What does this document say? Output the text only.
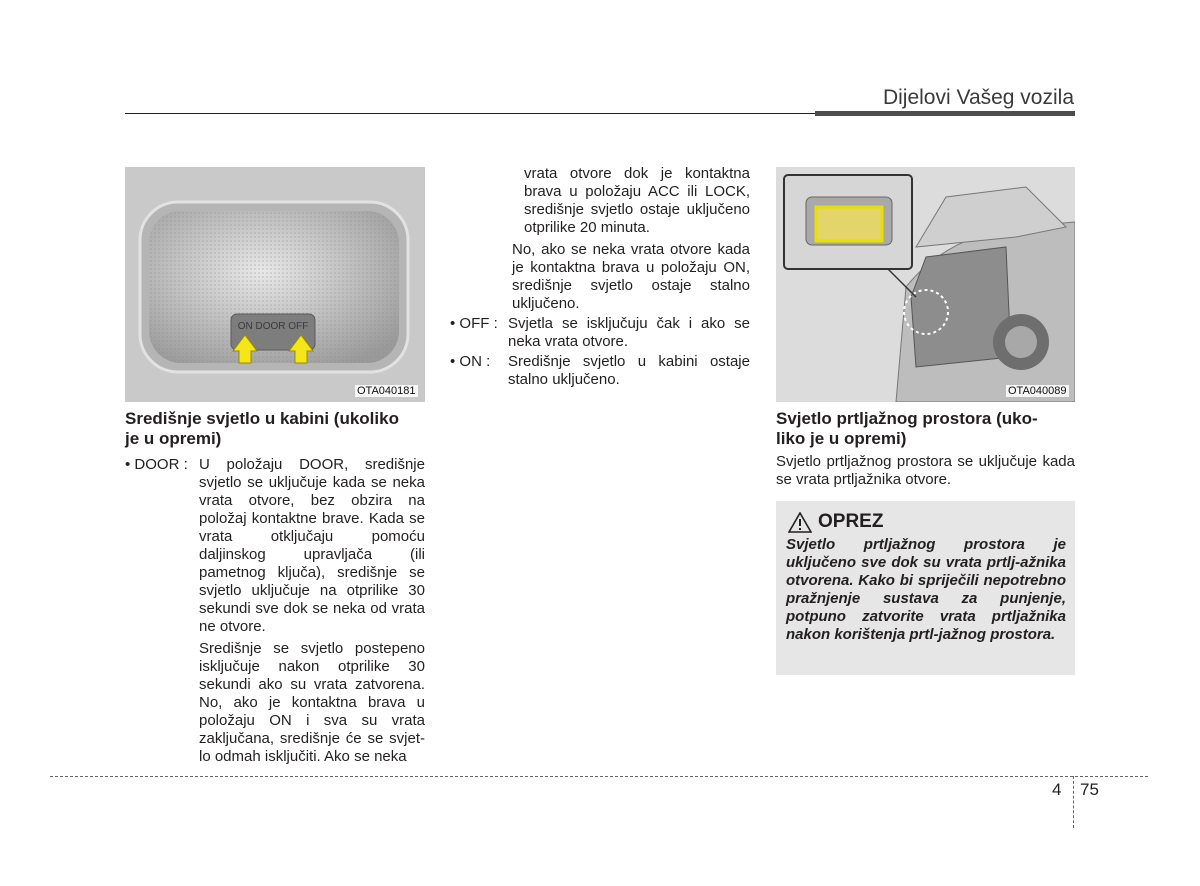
Dijelovi Vašeg vozila
ON DOOR OFF
OTA040181
Središnje svjetlo u kabini (ukoliko
je u opremi)
• DOOR : U položaju DOOR, središnje svjetlo se uključuje kada se neka vrata otvore, bez obzira na položaj kontaktne brave. Kada se vrata otključaju pomoću daljinskog upravljača (ili pametnog ključa), središnje se svjetlo uključuje na otprilike 30 sekundi sve dok se neka od vrata ne otvore.

Središnje se svjetlo postepeno isključuje nakon otprilike 30 sekundi ako su vrata zatvorena. No, ako je kontaktna brava u položaju ON i sva su vrata zaključana, središnje će se svjet-lo odmah isključiti. Ako se neka

vrata otvore dok je kontaktna brava u položaju ACC ili LOCK, središnje svjetlo ostaje uključeno otprilike 20 minuta.

No, ako se neka vrata otvore kada je kontaktna brava u položaju ON, središnje svjetlo ostaje stalno uključeno.

• OFF : Svjetla se isključuju čak i ako se neka vrata otvore.

• ON : Središnje svjetlo u kabini ostaje stalno uključeno.

OTA040089
Svjetlo prtljažnog prostora (uko-
liko je u opremi)

Svjetlo prtljažnog prostora se uključuje kada se vrata prtljažnika otvore.

OPREZ
Svjetlo prtljažnog prostora je uključeno sve dok su vrata prtlj-ažnika otvorena. Kako bi spriječili nepotrebno pražnjenje sustava za punjenje, potpuno zatvorite vrata prtljažnika nakon korištenja prtl-jažnog prostora.
4 75
